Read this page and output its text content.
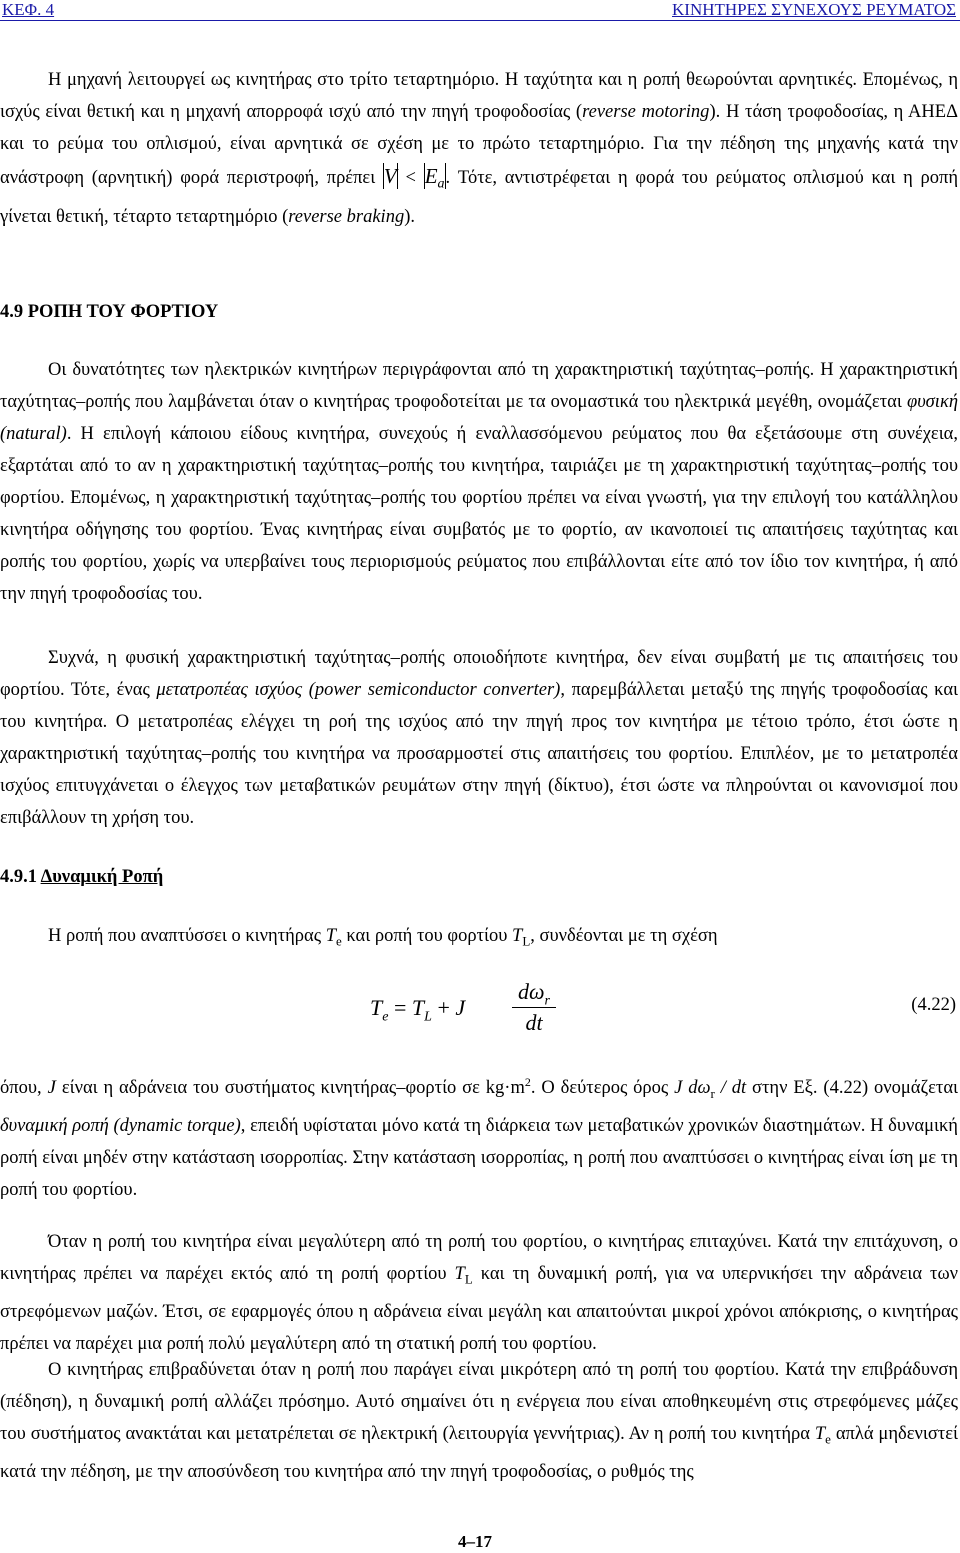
ΚΕΦ. 4	ΚΙΝΗΤΗΡΕΣ ΣΥΝΕΧΟΥΣ ΡΕΥΜΑΤΟΣ

Η μηχανή λειτουργεί ως κινητήρας στο τρίτο τεταρτημόριο. Η ταχύτητα και η ροπή θεωρούνται αρνητικές. Επομένως, η ισχύς είναι θετική και η μηχανή απορροφά ισχύ από την πηγή τροφοδοσίας (reverse motoring). Η τάση τροφοδοσίας, η ΑΗΕΔ και το ρεύμα του οπλισμού, είναι αρνητικά σε σχέση με το πρώτο τεταρτημόριο. Για την πέδηση της μηχανής κατά την ανάστροφη (αρνητική) φορά περιστροφή, πρέπει $V < E_a$. Τότε, αντιστρέφεται η φορά του ρεύματος οπλισμού και η ροπή γίνεται θετική, τέταρτο τεταρτημόριο (reverse braking).

4.9 ΡΟΠΗ ΤΟΥ ΦΟΡΤΙΟΥ

Οι δυνατότητες των ηλεκτρικών κινητήρων περιγράφονται από τη χαρακτηριστική ταχύτητας–ροπής. Η χαρακτηριστική ταχύτητας–ροπής που λαμβάνεται όταν ο κινητήρας τροφοδοτείται με τα ονομαστικά του ηλεκτρικά μεγέθη, ονομάζεται φυσική (natural). Η επιλογή κάποιου είδους κινητήρα, συνεχούς ή εναλλασσόμενου ρεύματος που θα εξετάσουμε στη συνέχεια, εξαρτάται από το αν η χαρακτηριστική ταχύτητας–ροπής του κινητήρα, ταιριάζει με τη χαρακτηριστική ταχύτητας–ροπής του φορτίου. Επομένως, η χαρακτηριστική ταχύτητας–ροπής του φορτίου πρέπει να είναι γνωστή, για την επιλογή του κατάλληλου κινητήρα οδήγησης του φορτίου. Ένας κινητήρας είναι συμβατός με το φορτίο, αν ικανοποιεί τις απαιτήσεις ταχύτητας και ροπής του φορτίου, χωρίς να υπερβαίνει τους περιορισμούς ρεύματος που επιβάλλονται είτε από τον ίδιο τον κινητήρα, ή από την πηγή τροφοδοσίας του.

Συχνά, η φυσική χαρακτηριστική ταχύτητας–ροπής οποιοδήποτε κινητήρα, δεν είναι συμβατή με τις απαιτήσεις του φορτίου. Τότε, ένας μετατροπέας ισχύος (power semiconductor converter), παρεμβάλλεται μεταξύ της πηγής τροφοδοσίας και του κινητήρα. Ο μετατροπέας ελέγχει τη ροή της ισχύος από την πηγή προς τον κινητήρα με τέτοιο τρόπο, έτσι ώστε η χαρακτηριστική ταχύτητας–ροπής του κινητήρα να προσαρμοστεί στις απαιτήσεις του φορτίου. Επιπλέον, με το μετατροπέα ισχύος επιτυγχάνεται ο έλεγχος των μεταβατικών ρευμάτων στην πηγή (δίκτυο), έτσι ώστε να πληρούνται οι κανονισμοί που επιβάλλουν τη χρήση του.

4.9.1 Δυναμική Ροπή

Η ροπή που αναπτύσσει ο κινητήρας $T_e$ και ροπή του φορτίου $T_L$, συνδέονται με τη σχέση

$T_e = T_L + J$
$d\omega_r$
dt
(4.22)

όπου, J είναι η αδράνεια του συστήματος κινητήρας–φορτίο σε $kg\cdot m^2$. Ο δεύτερος όρος J $d\omega_r$ / dt στην Εξ. (4.22) ονομάζεται δυναμική ροπή (dynamic torque), επειδή υφίσταται μόνο κατά τη διάρκεια των μεταβατικών χρονικών διαστημάτων. Η δυναμική ροπή είναι μηδέν στην κατάσταση ισορροπίας. Στην κατάσταση ισορροπίας, η ροπή που αναπτύσσει ο κινητήρας είναι ίση με τη ροπή του φορτίου.

Όταν η ροπή του κινητήρα είναι μεγαλύτερη από τη ροπή του φορτίου, ο κινητήρας επιταχύνει. Κατά την επιτάχυνση, ο κινητήρας πρέπει να παρέχει εκτός από τη ροπή φορτίου $T_L$ και τη δυναμική ροπή, για να υπερνικήσει την αδράνεια των στρεφόμενων μαζών. Έτσι, σε εφαρμογές όπου η αδράνεια είναι μεγάλη και απαιτούνται μικροί χρόνοι απόκρισης, ο κινητήρας πρέπει να παρέχει μια ροπή πολύ μεγαλύτερη από τη στατική ροπή του φορτίου.

Ο κινητήρας επιβραδύνεται όταν η ροπή που παράγει είναι μικρότερη από τη ροπή του φορτίου. Κατά την επιβράδυνση (πέδηση), η δυναμική ροπή αλλάζει πρόσημο. Αυτό σημαίνει ότι η ενέργεια που είναι αποθηκευμένη στις στρεφόμενες μάζες του συστήματος ανακτάται και μετατρέπεται σε ηλεκτρική (λειτουργία γεννήτριας). Αν η ροπή του κινητήρα $T_e$ απλά μηδενιστεί κατά την πέδηση, με την αποσύνδεση του κινητήρα από την πηγή τροφοδοσίας, ο ρυθμός της

4–17
